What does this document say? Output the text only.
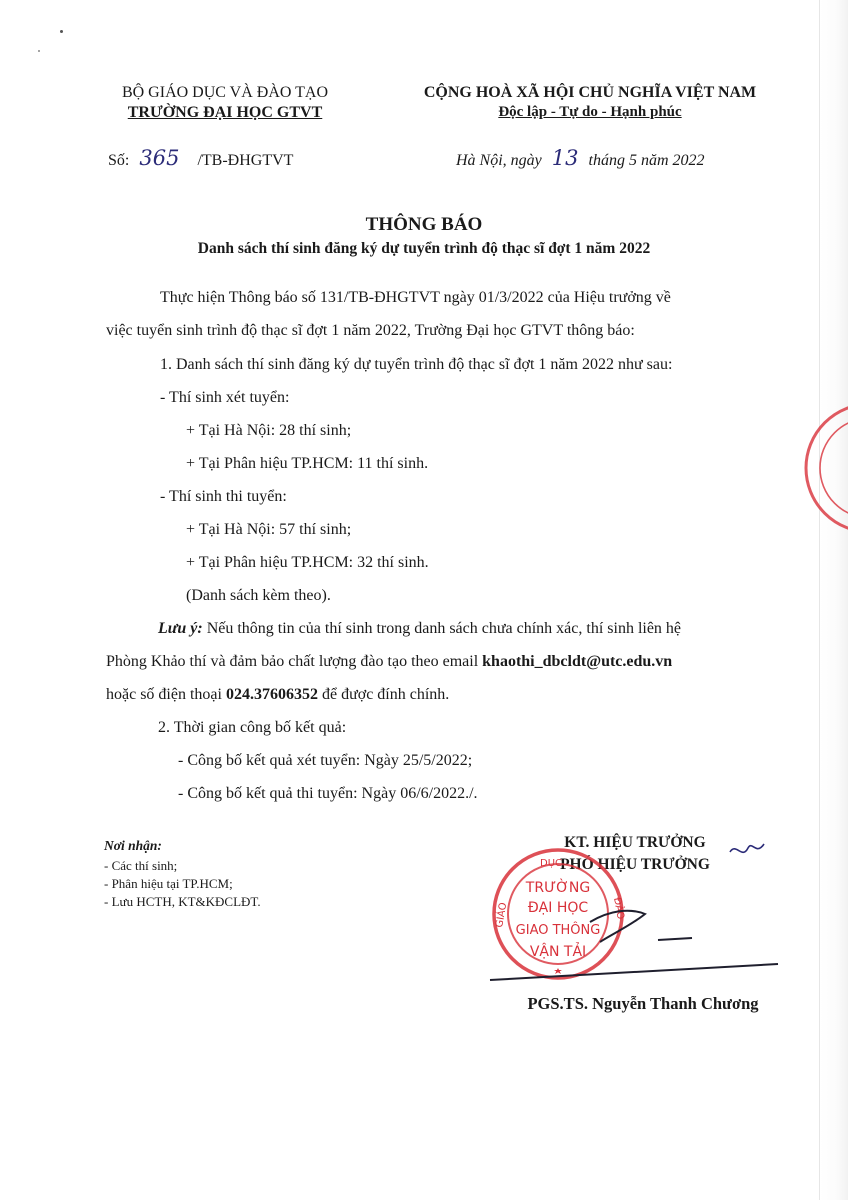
BỘ GIÁO DỤC VÀ ĐÀO TẠO
TRƯỜNG ĐẠI HỌC GTVT
Số: 365 /TB-ĐHGTVT
CỘNG HOÀ XÃ HỘI CHỦ NGHĨA VIỆT NAM
Độc lập - Tự do - Hạnh phúc
Hà Nội, ngày 13 tháng 5 năm 2022
THÔNG BÁO
Danh sách thí sinh đăng ký dự tuyển trình độ thạc sĩ đợt 1 năm 2022
Thực hiện Thông báo số 131/TB-ĐHGTVT ngày 01/3/2022 của Hiệu trưởng về
việc tuyển sinh trình độ thạc sĩ đợt 1 năm 2022, Trường Đại học GTVT thông báo:
1. Danh sách thí sinh đăng ký dự tuyển trình độ thạc sĩ đợt 1 năm 2022 như sau:
- Thí sinh xét tuyển:
+ Tại Hà Nội: 28 thí sinh;
+ Tại Phân hiệu TP.HCM: 11 thí sinh.
- Thí sinh thi tuyển:
+ Tại Hà Nội: 57 thí sinh;
+ Tại Phân hiệu TP.HCM: 32 thí sinh.
(Danh sách kèm theo).
Lưu ý: Nếu thông tin của thí sinh trong danh sách chưa chính xác, thí sinh liên hệ
Phòng Khảo thí và đảm bảo chất lượng đào tạo theo email khaothi_dbcldt@utc.edu.vn
hoặc số điện thoại 024.37606352 để được đính chính.
2. Thời gian công bố kết quả:
- Công bố kết quả xét tuyển: Ngày 25/5/2022;
- Công bố kết quả thi tuyển: Ngày 06/6/2022./.
Nơi nhận:
- Các thí sinh;
- Phân hiệu tại TP.HCM;
- Lưu HCTH, KT&KĐCLĐT.
KT. HIỆU TRƯỞNG
PHÓ HIỆU TRƯỞNG
DỤC
GIÁO	ĐÀO
TRƯỜNG
ĐẠI HỌC
GIAO THÔNG
VẬN TẢI
PGS.TS. Nguyễn Thanh Chương
